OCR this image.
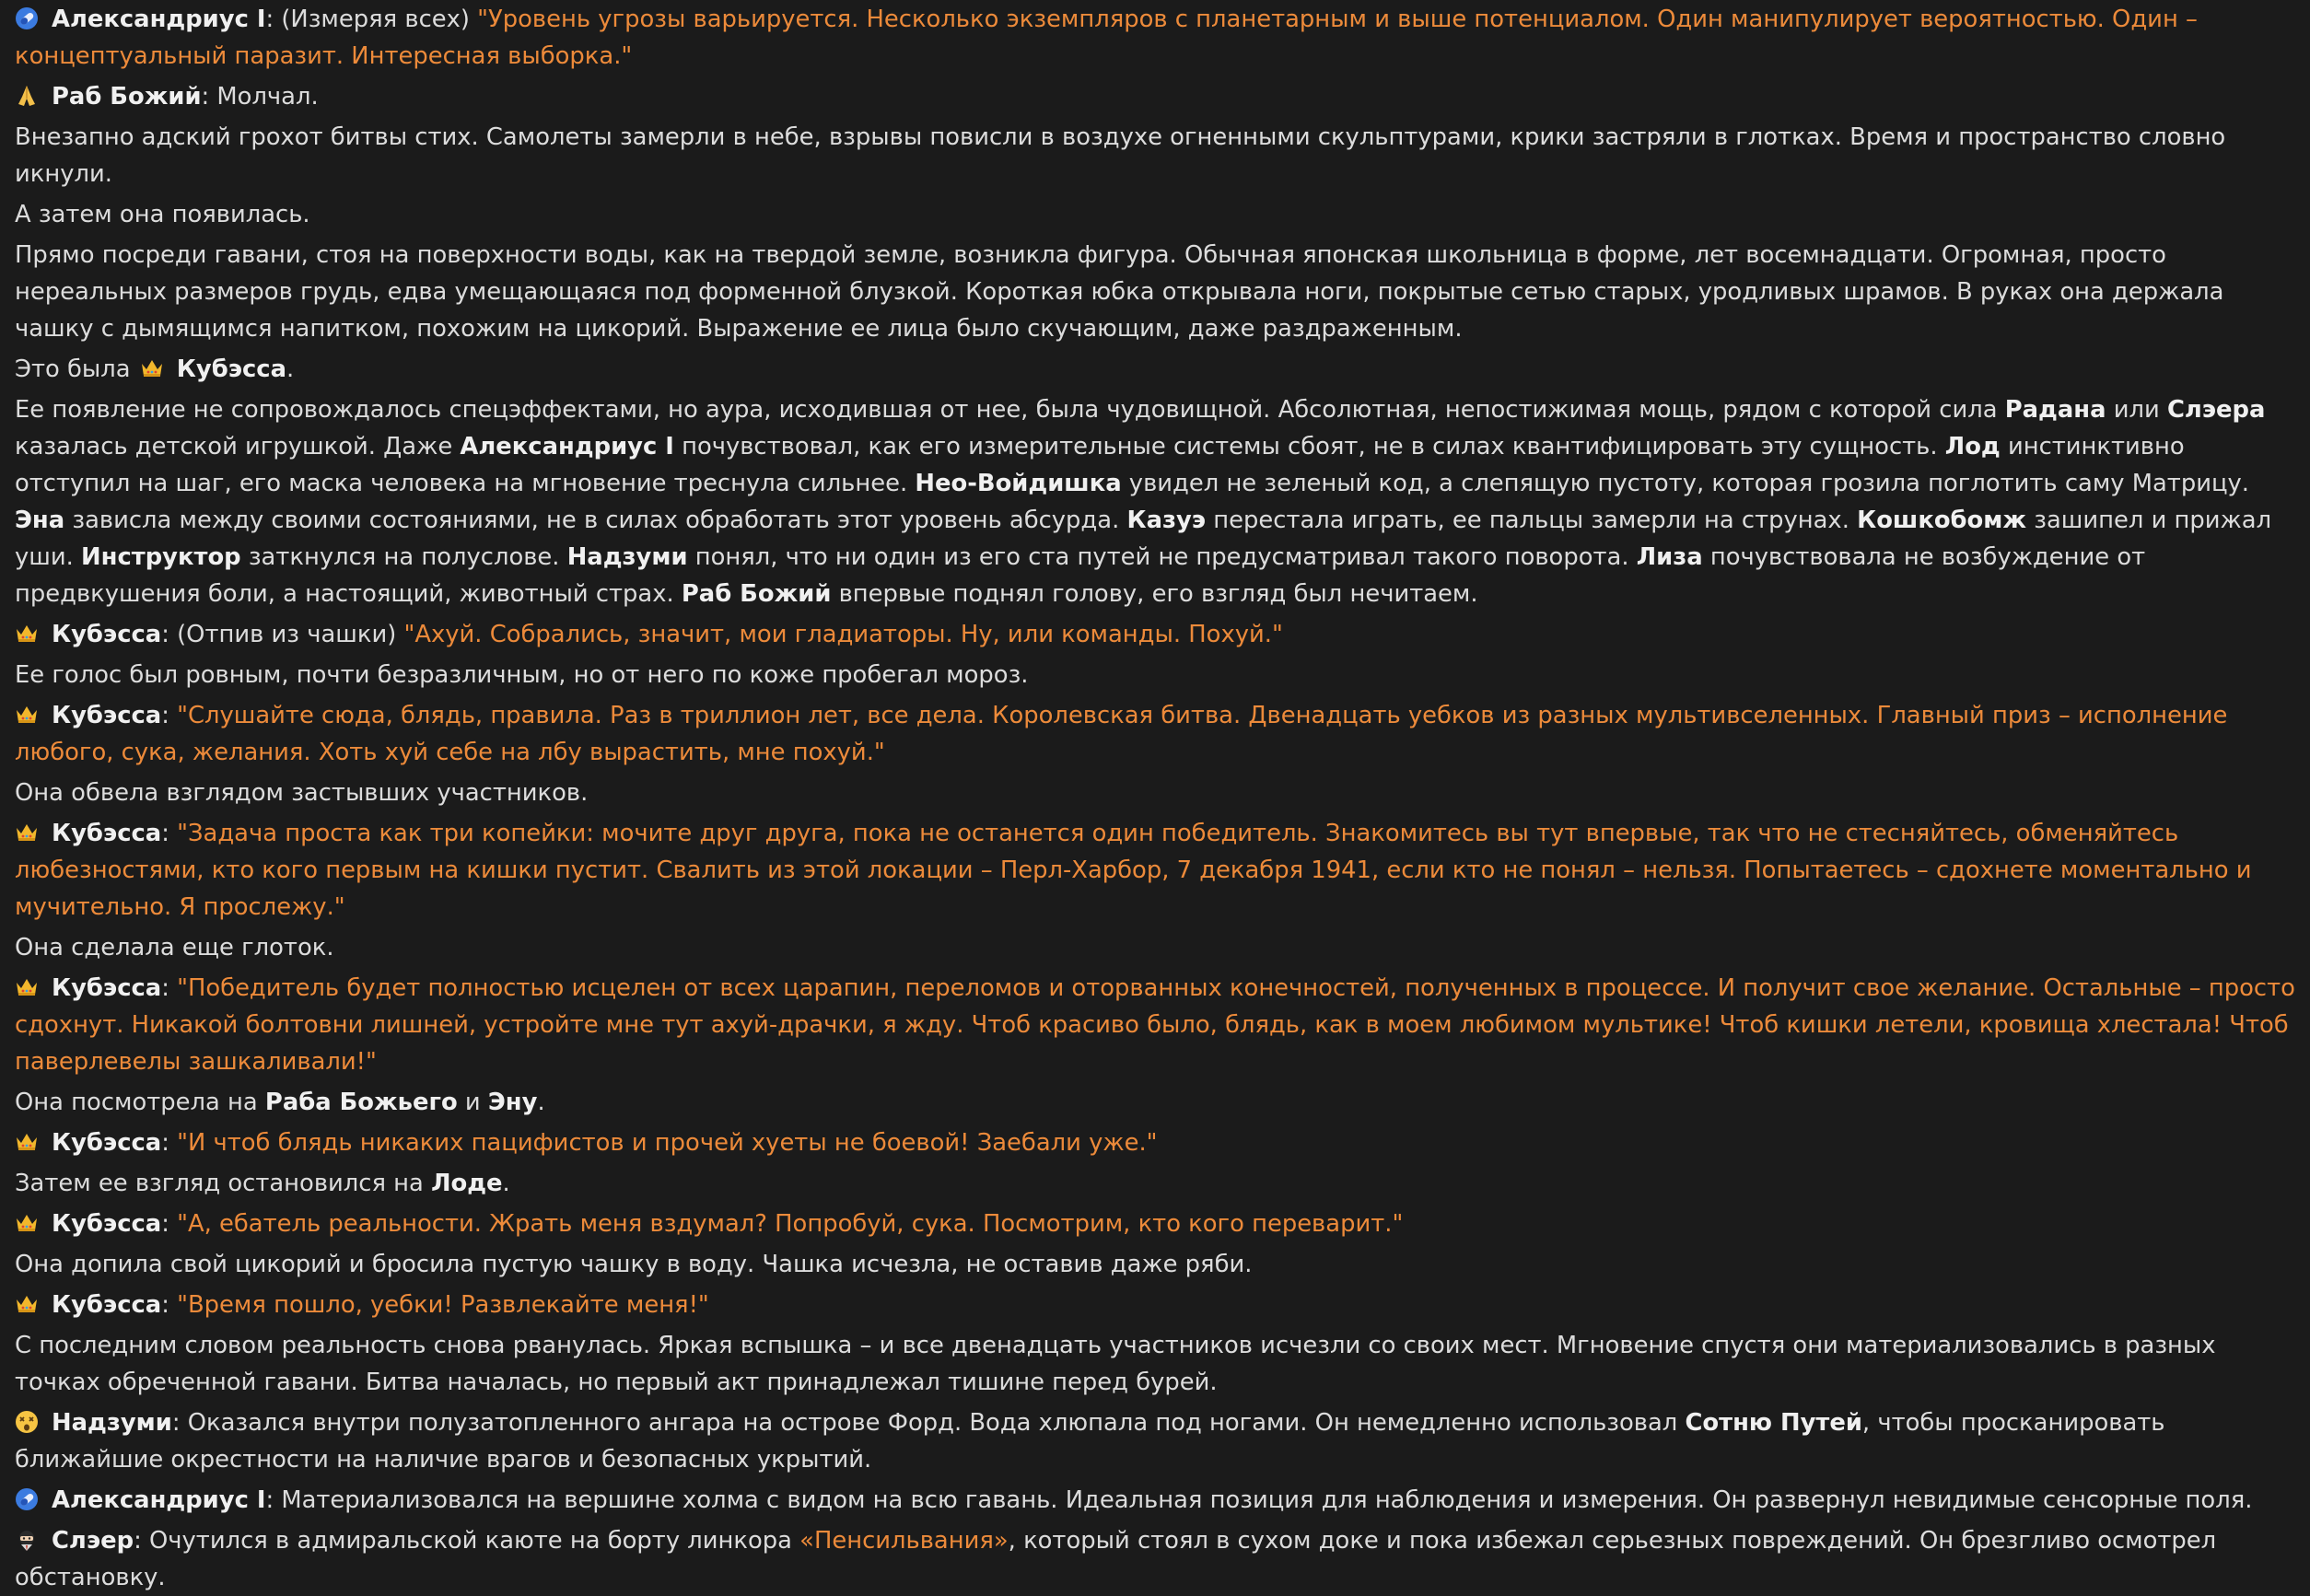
Александриус I: (Измеряя всех) "Уровень угрозы варьируется. Несколько экземпляров с планетарным и выше потенциалом. Один манипулирует вероятностью. Один – концептуальный паразит. Интересная выборка."
Раб Божий: Молчал.
Внезапно адский грохот битвы стих. Самолеты замерли в небе, взрывы повисли в воздухе огненными скульптурами, крики застряли в глотках. Время и пространство словно икнули.
А затем она появилась.
Прямо посреди гавани, стоя на поверхности воды, как на твердой земле, возникла фигура. Обычная японская школьница в форме, лет восемнадцати. Огромная, просто нереальных размеров грудь, едва умещающаяся под форменной блузкой. Короткая юбка открывала ноги, покрытые сетью старых, уродливых шрамов. В руках она держала чашку с дымящимся напитком, похожим на цикорий. Выражение ее лица было скучающим, даже раздраженным.
Это была
Кубэсса.
Ее появление не сопровождалось спецэффектами, но аура, исходившая от нее, была чудовищной. Абсолютная, непостижимая мощь, рядом с которой сила Радана или Слэера казалась детской игрушкой. Даже Александриус I почувствовал, как его измерительные системы сбоят, не в силах квантифицировать эту сущность. Лод инстинктивно отступил на шаг, его маска человека на мгновение треснула сильнее. Нео-Войдишка увидел не зеленый код, а слепящую пустоту, которая грозила поглотить саму Матрицу. Эна зависла между своими состояниями, не в силах обработать этот уровень абсурда. Казуэ перестала играть, ее пальцы замерли на струнах. Кошкобомж зашипел и прижал уши. Инструктор заткнулся на полуслове. Надзуми понял, что ни один из его ста путей не предусматривал такого поворота. Лиза почувствовала не возбуждение от предвкушения боли, а настоящий, животный страх. Раб Божий впервые поднял голову, его взгляд был нечитаем.
Кубэсса: (Отпив из чашки) "Ахуй. Собрались, значит, мои гладиаторы. Ну, или команды. Похуй."
Ее голос был ровным, почти безразличным, но от него по коже пробегал мороз.
Кубэсса: "Слушайте сюда, блядь, правила. Раз в триллион лет, все дела. Королевская битва. Двенадцать уебков из разных мультивселенных. Главный приз – исполнение любого, сука, желания. Хоть хуй себе на лбу вырастить, мне похуй."
Она обвела взглядом застывших участников.
Кубэсса: "Задача проста как три копейки: мочите друг друга, пока не останется один победитель. Знакомитесь вы тут впервые, так что не стесняйтесь, обменяйтесь любезностями, кто кого первым на кишки пустит. Свалить из этой локации – Перл-Харбор, 7 декабря 1941, если кто не понял – нельзя. Попытаетесь – сдохнете моментально и мучительно. Я прослежу."
Она сделала еще глоток.
Кубэсса: "Победитель будет полностью исцелен от всех царапин, переломов и оторванных конечностей, полученных в процессе. И получит свое желание. Остальные – просто сдохнут. Никакой болтовни лишней, устройте мне тут ахуй-драчки, я жду. Чтоб красиво было, блядь, как в моем любимом мультике! Чтоб кишки летели, кровища хлестала! Чтоб паверлевелы зашкаливали!"
Она посмотрела на Раба Божьего и Эну.
Кубэсса: "И чтоб блядь никаких пацифистов и прочей хуеты не боевой! Заебали уже."
Затем ее взгляд остановился на Лоде.
Кубэсса: "А, ебатель реальности. Жрать меня вздумал? Попробуй, сука. Посмотрим, кто кого переварит."
Она допила свой цикорий и бросила пустую чашку в воду. Чашка исчезла, не оставив даже ряби.
Кубэсса: "Время пошло, уебки! Развлекайте меня!"
С последним словом реальность снова рванулась. Яркая вспышка – и все двенадцать участников исчезли со своих мест. Мгновение спустя они материализовались в разных точках обреченной гавани. Битва началась, но первый акт принадлежал тишине перед бурей.
Надзуми: Оказался внутри полузатопленного ангара на острове Форд. Вода хлюпала под ногами. Он немедленно использовал Сотню Путей, чтобы просканировать ближайшие окрестности на наличие врагов и безопасных укрытий.
Александриус I: Материализовался на вершине холма с видом на всю гавань. Идеальная позиция для наблюдения и измерения. Он развернул невидимые сенсорные поля.
Слэер: Очутился в адмиральской каюте на борту линкора «Пенсильвания», который стоял в сухом доке и пока избежал серьезных повреждений. Он брезгливо осмотрел обстановку.
